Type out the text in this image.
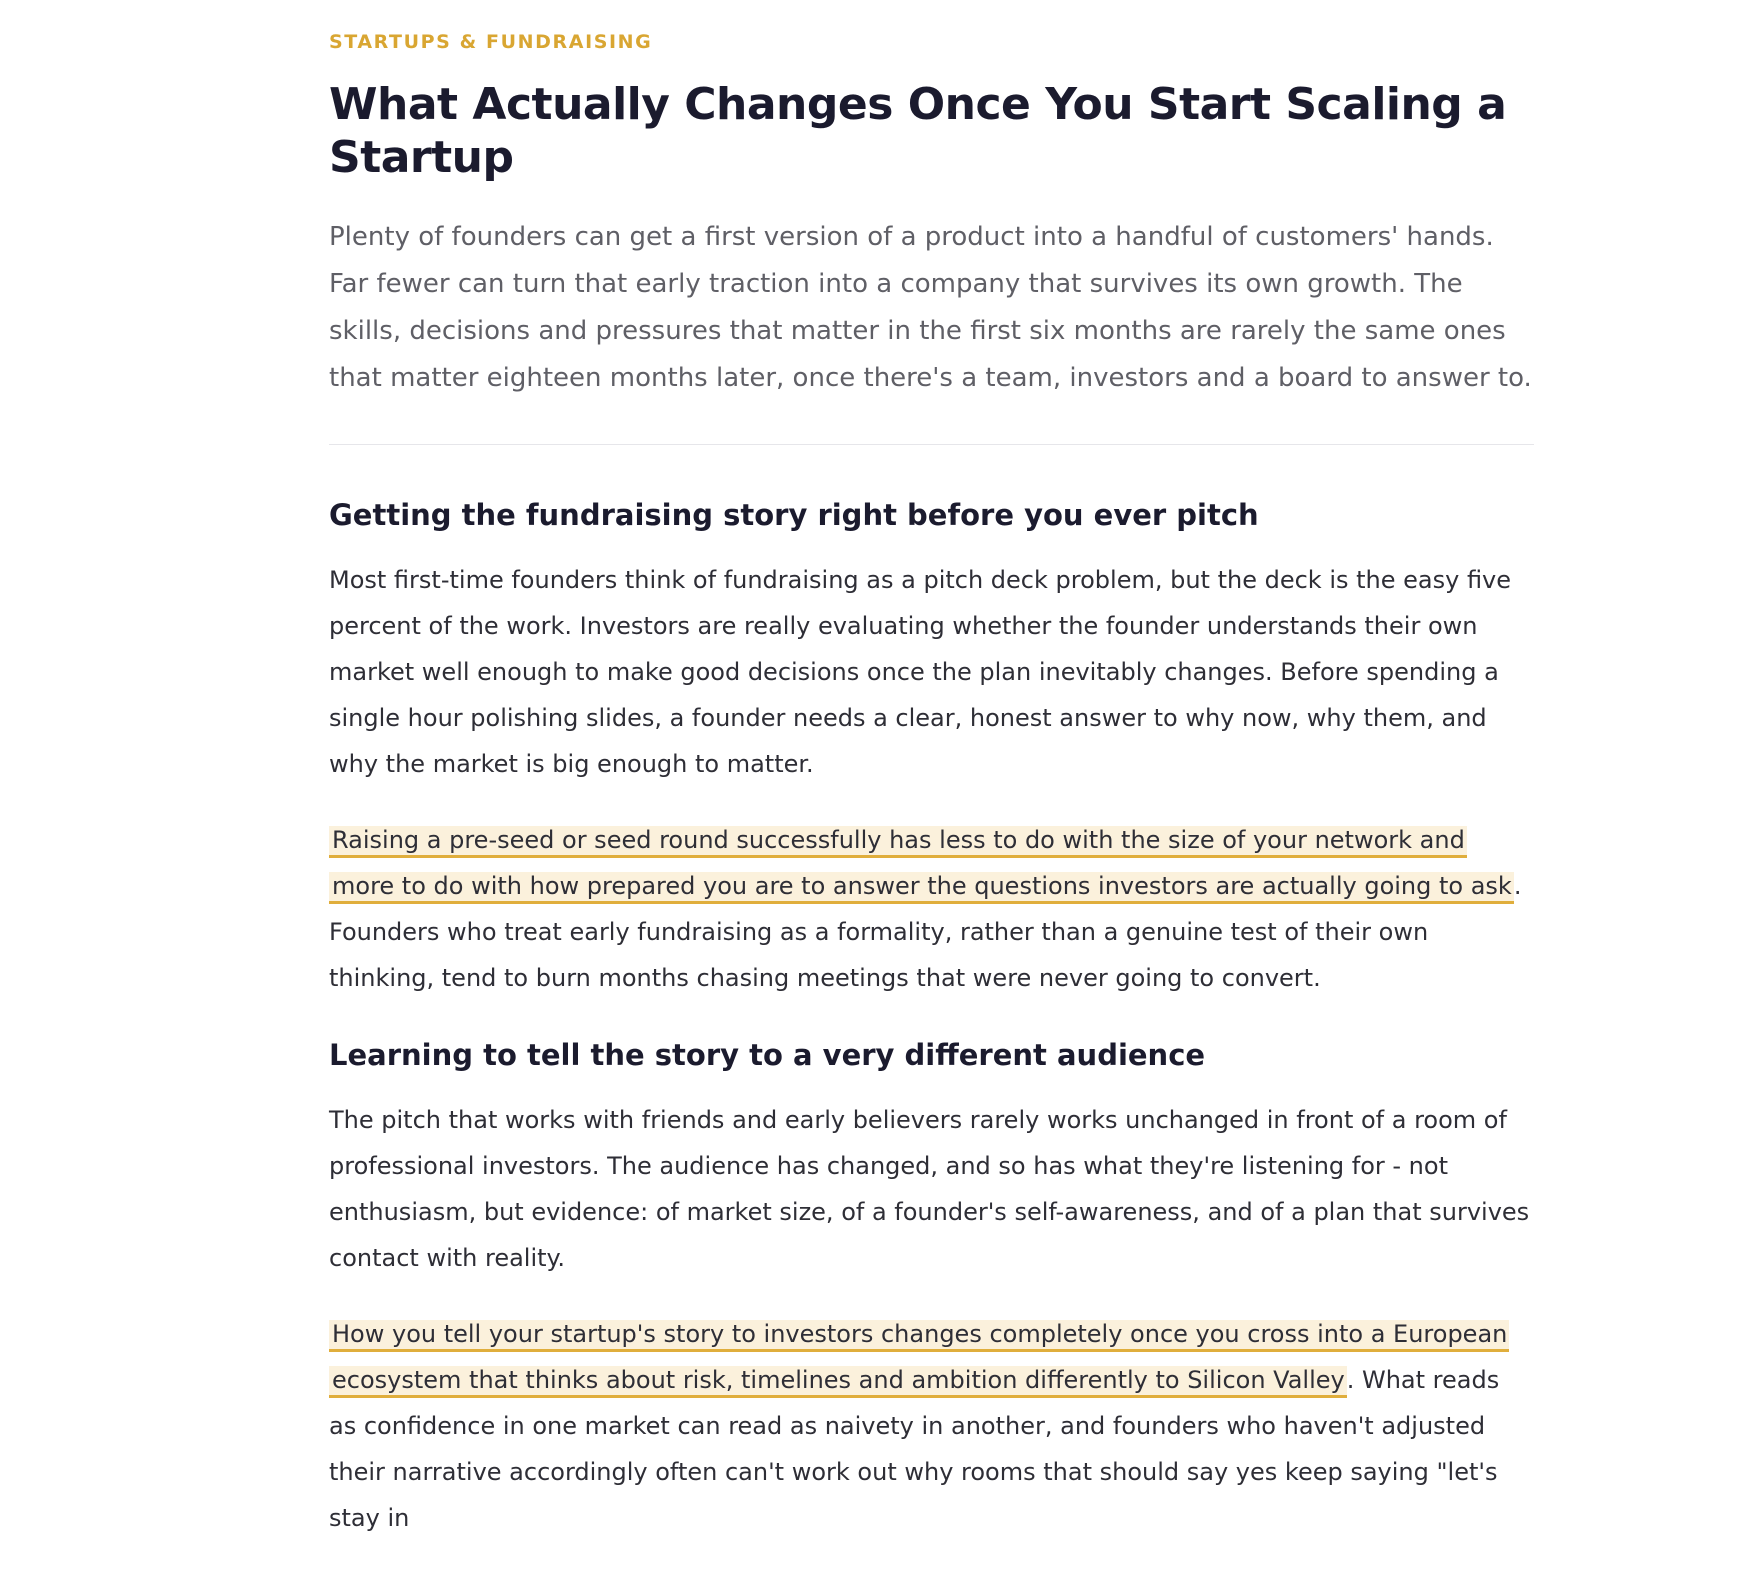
STARTUPS & FUNDRAISING
What Actually Changes Once You Start Scaling a Startup

Plenty of founders can get a first version of a product into a handful of customers' hands. Far fewer can turn that early traction into a company that survives its own growth. The skills, decisions and pressures that matter in the first six months are rarely the same ones that matter eighteen months later, once there's a team, investors and a board to answer to.

Getting the fundraising story right before you ever pitch

Most first-time founders think of fundraising as a pitch deck problem, but the deck is the easy five percent of the work. Investors are really evaluating whether the founder understands their own market well enough to make good decisions once the plan inevitably changes. Before spending a single hour polishing slides, a founder needs a clear, honest answer to why now, why them, and why the market is big enough to matter.

Raising a pre-seed or seed round successfully has less to do with the size of your network and more to do with how prepared you are to answer the questions investors are actually going to ask. Founders who treat early fundraising as a formality, rather than a genuine test of their own thinking, tend to burn months chasing meetings that were never going to convert.

Learning to tell the story to a very different audience

The pitch that works with friends and early believers rarely works unchanged in front of a room of professional investors. The audience has changed, and so has what they're listening for - not enthusiasm, but evidence: of market size, of a founder's self-awareness, and of a plan that survives contact with reality.

How you tell your startup's story to investors changes completely once you cross into a European ecosystem that thinks about risk, timelines and ambition differently to Silicon Valley. What reads as confidence in one market can read as naivety in another, and founders who haven't adjusted their narrative accordingly often can't work out why rooms that should say yes keep saying "let's stay in
